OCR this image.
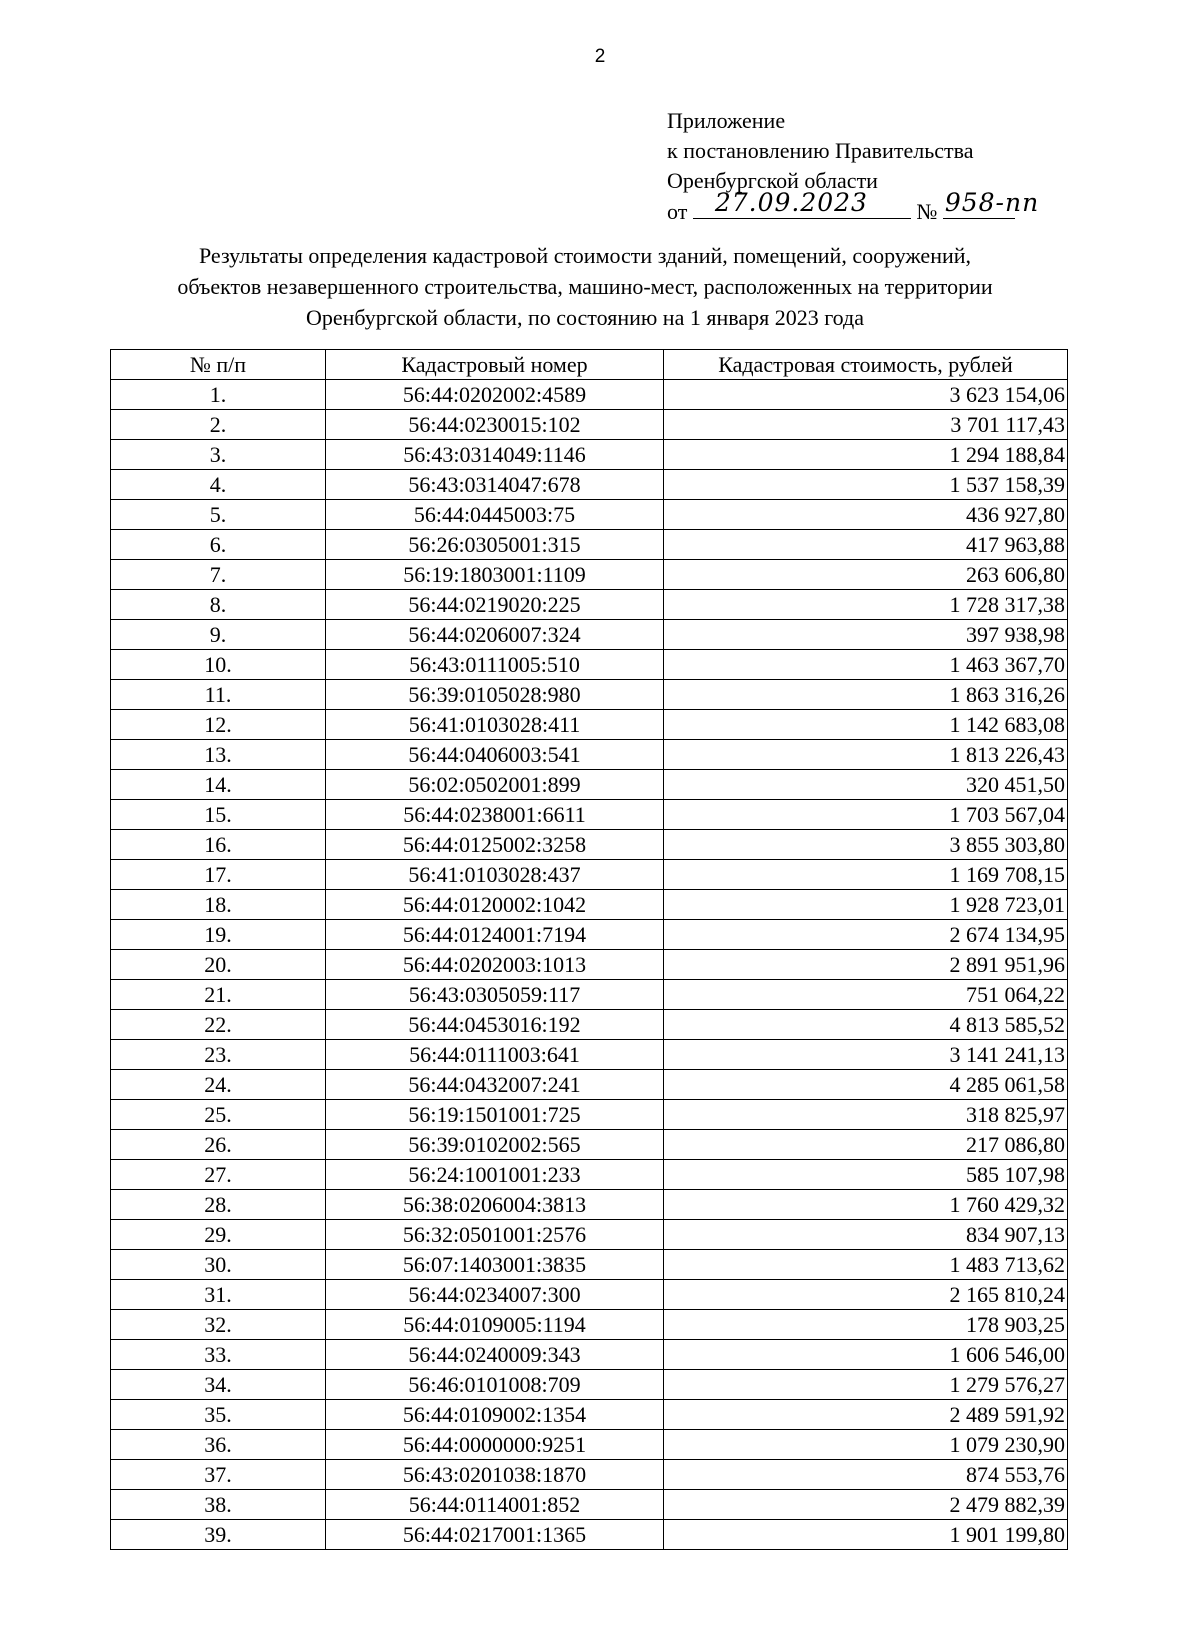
2
Приложение
к постановлению Правительства
Оренбургской области
от 27.09.2023 № 958-пп
Результаты определения кадастровой стоимости зданий, помещений, сооружений,
объектов незавершенного строительства, машино-мест, расположенных на территории
Оренбургской области, по состоянию на 1 января 2023 года
№ п/п	Кадастровый номер	Кадастровая стоимость, рублей
1.	56:44:0202002:4589	3 623 154,06
2.	56:44:0230015:102	3 701 117,43
3.	56:43:0314049:1146	1 294 188,84
4.	56:43:0314047:678	1 537 158,39
5.	56:44:0445003:75	436 927,80
6.	56:26:0305001:315	417 963,88
7.	56:19:1803001:1109	263 606,80
8.	56:44:0219020:225	1 728 317,38
9.	56:44:0206007:324	397 938,98
10.	56:43:0111005:510	1 463 367,70
11.	56:39:0105028:980	1 863 316,26
12.	56:41:0103028:411	1 142 683,08
13.	56:44:0406003:541	1 813 226,43
14.	56:02:0502001:899	320 451,50
15.	56:44:0238001:6611	1 703 567,04
16.	56:44:0125002:3258	3 855 303,80
17.	56:41:0103028:437	1 169 708,15
18.	56:44:0120002:1042	1 928 723,01
19.	56:44:0124001:7194	2 674 134,95
20.	56:44:0202003:1013	2 891 951,96
21.	56:43:0305059:117	751 064,22
22.	56:44:0453016:192	4 813 585,52
23.	56:44:0111003:641	3 141 241,13
24.	56:44:0432007:241	4 285 061,58
25.	56:19:1501001:725	318 825,97
26.	56:39:0102002:565	217 086,80
27.	56:24:1001001:233	585 107,98
28.	56:38:0206004:3813	1 760 429,32
29.	56:32:0501001:2576	834 907,13
30.	56:07:1403001:3835	1 483 713,62
31.	56:44:0234007:300	2 165 810,24
32.	56:44:0109005:1194	178 903,25
33.	56:44:0240009:343	1 606 546,00
34.	56:46:0101008:709	1 279 576,27
35.	56:44:0109002:1354	2 489 591,92
36.	56:44:0000000:9251	1 079 230,90
37.	56:43:0201038:1870	874 553,76
38.	56:44:0114001:852	2 479 882,39
39.	56:44:0217001:1365	1 901 199,80
